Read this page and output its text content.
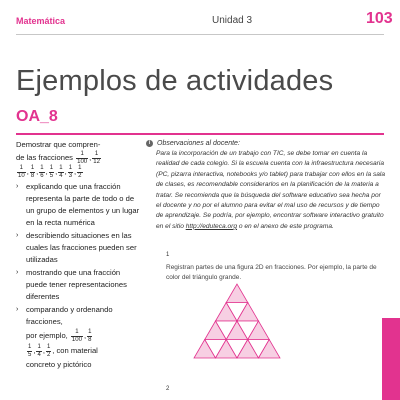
Matemática	Unidad 3	103
Ejemplos de actividades
OA_8

Demostrar que compren-

de las fracciones $\frac{1}{100}$ , $\frac{1}{12}$
$\frac{1}{10}$ , $\frac{1}{8}$ , $\frac{1}{6}$ , $\frac{1}{5}$ , $\frac{1}{4}$ , $\frac{1}{3}$ , $\frac{1}{2}$
› explicando que una fracción representa la parte de todo o de un grupo de elementos y un lugar en la recta numérica
› describiendo situaciones en las cuales las fracciones pueden ser utilizadas
› mostrando que una fracción puede tener representaciones diferentes
› comparando y ordenando fracciones,
por ejemplo, $\frac{1}{100}$ , $\frac{1}{8}$
$\frac{1}{5}$ , $\frac{1}{4}$ , $\frac{1}{2}$ , con material
concreto y pictórico

i Observaciones al docente:

Para la incorporación de un trabajo con TIC, se debe tomar en cuenta la realidad de cada colegio. Si la escuela cuenta con la infraestructura necesaria (PC, pizarra interactiva, notebooks y/o tablet) para trabajar con ellos en la sala de clases, es recomendable considerarlos en la planificación de la materia a tratar. Se recomienda que la búsqueda del software educativo sea hecha por el docente y no por el alumno para evitar el mal uso de recursos y de tiempo de aprendizaje. Se podría, por ejemplo, encontrar software interactivo gratuito en el sitio http://eduteca.org o en el anexo de este programa.

1

Registran partes de una figura 2D en fracciones. Por ejemplo, la parte de color del triángulo grande.

2
